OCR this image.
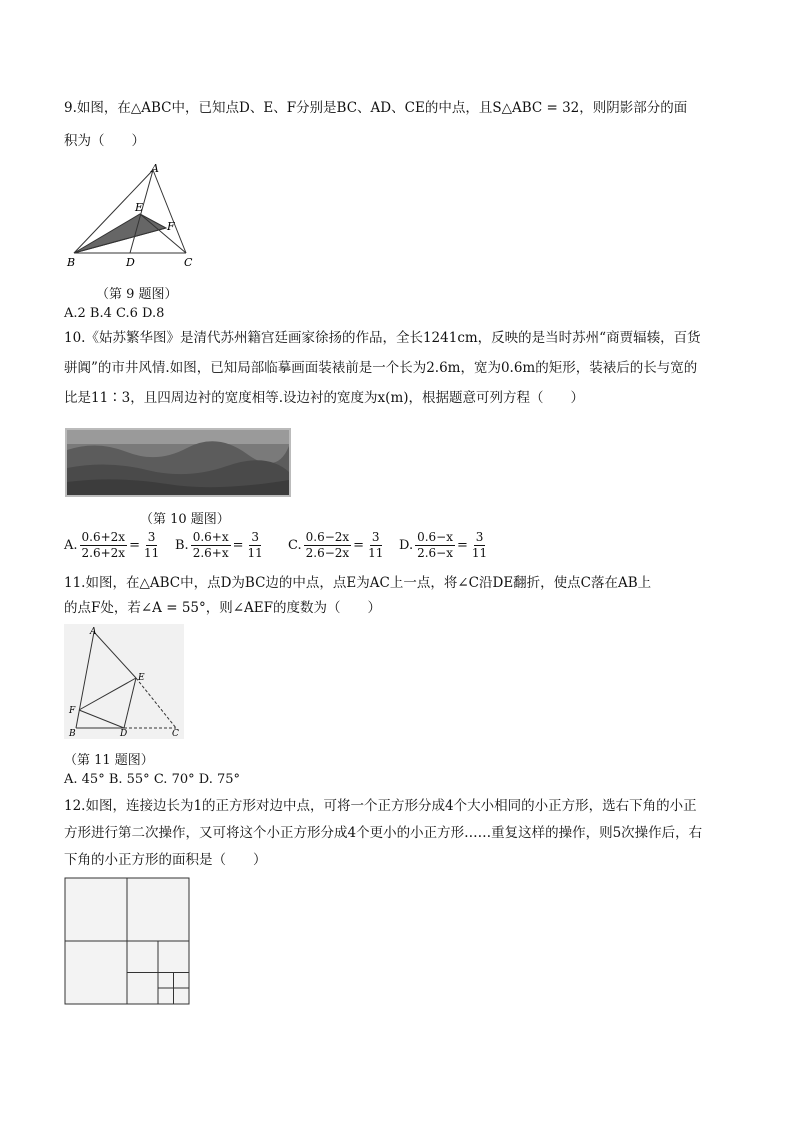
9.如图，在△ABC中，已知点D、E、F分别是BC、AD、CE的中点，且S△ABC = 32，则阴影部分的面
积为（　　）
A
E
F
B	D	C
（第 9 题图）
A.2 B.4 C.6 D.8
10.《姑苏繁华图》是清代苏州籍宫廷画家徐扬的作品，全长1241cm，反映的是当时苏州“商贾辐辏，百货
骈阗”的市井风情.如图，已知局部临摹画面装裱前是一个长为2.6m，宽为0.6m的矩形，装裱后的长与宽的
比是11∶3，且四周边衬的宽度相等.设边衬的宽度为x(m)，根据题意可列方程（　　）
（第 10 题图）
A. $\frac{0.6+2x}{2.6+2x} = \frac{3}{11} B$. $\frac{0.6+x}{2.6+x} = \frac{3}{11} C$. $\frac{0.6-2x}{2.6-2x} = \frac{3}{11} D$. $\frac{0.6-x}{2.6-x} = \frac{3}{11}$
11.如图，在△ABC中，点D为BC边的中点，点E为AC上一点，将∠C沿DE翻折，使点C落在AB上
的点F处，若∠A = 55°，则∠AEF的度数为（　　）
A
E
F
B	D	C
（第 11 题图）
A. 45° B. 55° C. 70° D. 75°
12.如图，连接边长为1的正方形对边中点，可将一个正方形分成4个大小相同的小正方形，选右下角的小正
方形进行第二次操作，又可将这个小正方形分成4个更小的小正方形……重复这样的操作，则5次操作后，右
下角的小正方形的面积是（　　）
